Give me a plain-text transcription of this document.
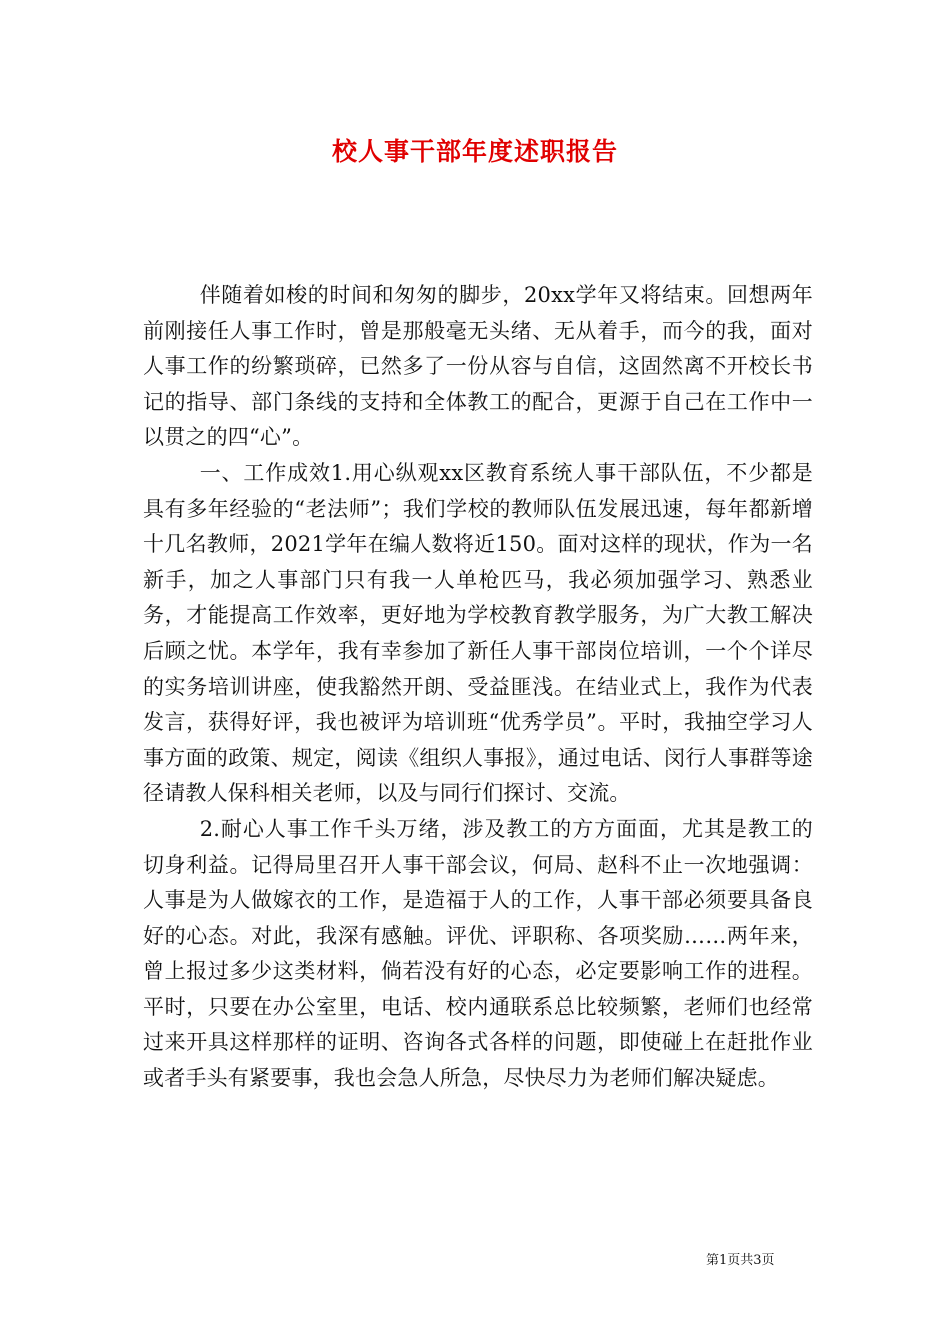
校人事干部年度述职报告

伴随着如梭的时间和匆匆的脚步，20xx学年又将结束。回想两年前刚接任人事工作时，曾是那般毫无头绪、无从着手，而今的我，面对人事工作的纷繁琐碎，已然多了一份从容与自信，这固然离不开校长书记的指导、部门条线的支持和全体教工的配合，更源于自己在工作中一以贯之的四“心”。

一、工作成效1.用心纵观xx区教育系统人事干部队伍，不少都是具有多年经验的“老法师”；我们学校的教师队伍发展迅速，每年都新增十几名教师，2021学年在编人数将近150。面对这样的现状，作为一名新手，加之人事部门只有我一人单枪匹马，我必须加强学习、熟悉业务，才能提高工作效率，更好地为学校教育教学服务，为广大教工解决后顾之忧。本学年，我有幸参加了新任人事干部岗位培训，一个个详尽的实务培训讲座，使我豁然开朗、受益匪浅。在结业式上，我作为代表发言，获得好评，我也被评为培训班“优秀学员”。平时，我抽空学习人事方面的政策、规定，阅读《组织人事报》，通过电话、闵行人事群等途径请教人保科相关老师，以及与同行们探讨、交流。

2.耐心人事工作千头万绪，涉及教工的方方面面，尤其是教工的切身利益。记得局里召开人事干部会议，何局、赵科不止一次地强调：人事是为人做嫁衣的工作，是造福于人的工作，人事干部必须要具备良好的心态。对此，我深有感触。评优、评职称、各项奖励……两年来，曾上报过多少这类材料，倘若没有好的心态，必定要影响工作的进程。平时，只要在办公室里，电话、校内通联系总比较频繁，老师们也经常过来开具这样那样的证明、咨询各式各样的问题，即使碰上在赶批作业或者手头有紧要事，我也会急人所急，尽快尽力为老师们解决疑虑。

第1页共3页
